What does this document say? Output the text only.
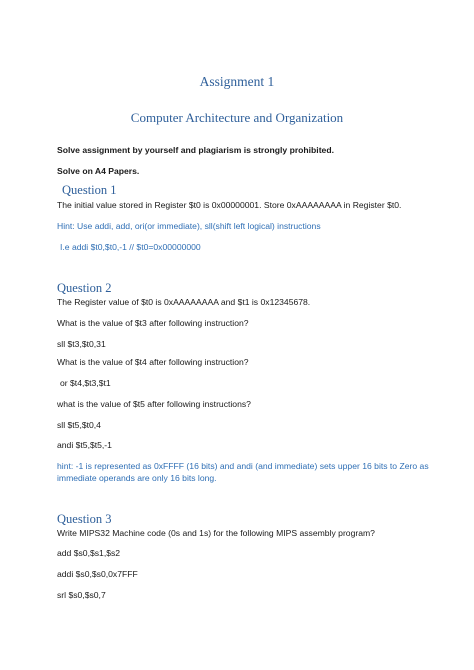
Assignment 1
Computer Architecture and Organization
Solve assignment by yourself and plagiarism is strongly prohibited.
Solve on A4 Papers.
Question 1
The initial value stored in Register $t0 is 0x00000001. Store 0xAAAAAAAA in Register $t0.
Hint: Use addi, add, ori(or immediate), sll(shift left logical) instructions
I.e addi $t0,$t0,-1 // $t0=0x00000000
Question 2
The Register value of $t0 is 0xAAAAAAAA and $t1 is 0x12345678.
What is the value of $t3 after following instruction?
sll $t3,$t0,31
What is the value of $t4 after following instruction?
or $t4,$t3,$t1
what is the value of $t5 after following instructions?
sll $t5,$t0,4
andi $t5,$t5,-1
hint: -1 is represented as 0xFFFF (16 bits) and andi (and immediate) sets upper 16 bits to Zero as
immediate operands are only 16 bits long.
Question 3
Write MIPS32 Machine code (0s and 1s) for the following MIPS assembly program?
add $s0,$s1,$s2
addi $s0,$s0,0x7FFF
srl $s0,$s0,7
